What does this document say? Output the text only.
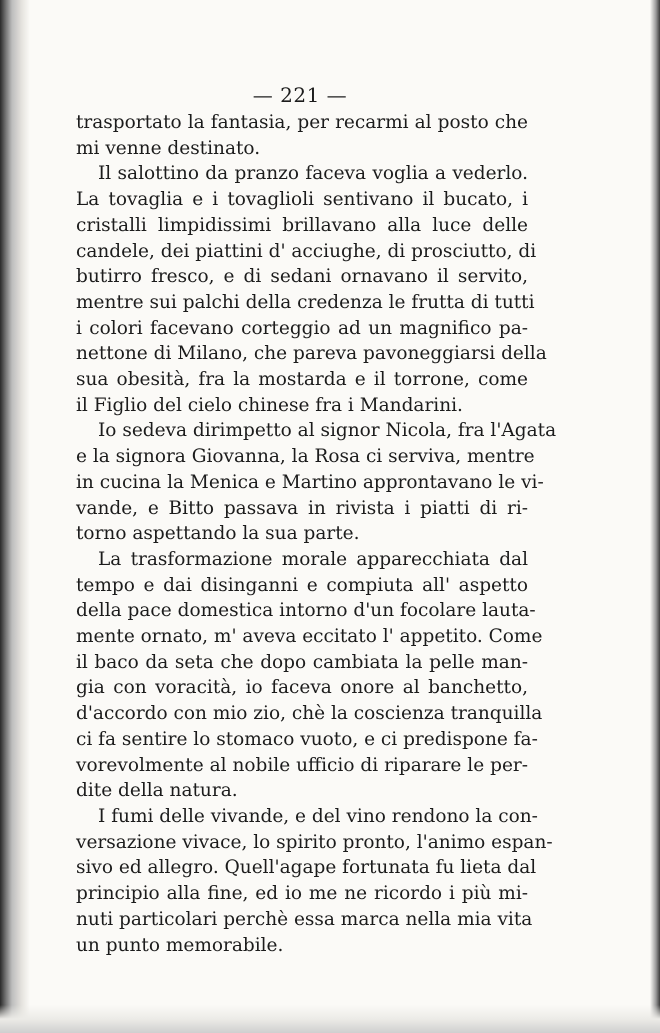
— 221 —
trasportato la fantasia, per recarmi al posto che
mi venne destinato.
Il salottino da pranzo faceva voglia a vederlo.
La tovaglia e i tovaglioli sentivano il bucato, i
cristalli limpidissimi brillavano alla luce delle
candele, dei piattini d' acciughe, di prosciutto, di
butirro fresco, e di sedani ornavano il servito,
mentre sui palchi della credenza le frutta di tutti
i colori facevano corteggio ad un magnifico pa-
nettone di Milano, che pareva pavoneggiarsi della
sua obesità, fra la mostarda e il torrone, come
il Figlio del cielo chinese fra i Mandarini.
Io sedeva dirimpetto al signor Nicola, fra l'Agata
e la signora Giovanna, la Rosa ci serviva, mentre
in cucina la Menica e Martino approntavano le vi-
vande, e Bitto passava in rivista i piatti di ri-
torno aspettando la sua parte.
La trasformazione morale apparecchiata dal
tempo e dai disinganni e compiuta all' aspetto
della pace domestica intorno d'un focolare lauta-
mente ornato, m' aveva eccitato l' appetito. Come
il baco da seta che dopo cambiata la pelle man-
gia con voracità, io faceva onore al banchetto,
d'accordo con mio zio, chè la coscienza tranquilla
ci fa sentire lo stomaco vuoto, e ci predispone fa-
vorevolmente al nobile ufficio di riparare le per-
dite della natura.
I fumi delle vivande, e del vino rendono la con-
versazione vivace, lo spirito pronto, l'animo espan-
sivo ed allegro. Quell'agape fortunata fu lieta dal
principio alla fine, ed io me ne ricordo i più mi-
nuti particolari perchè essa marca nella mia vita
un punto memorabile.
